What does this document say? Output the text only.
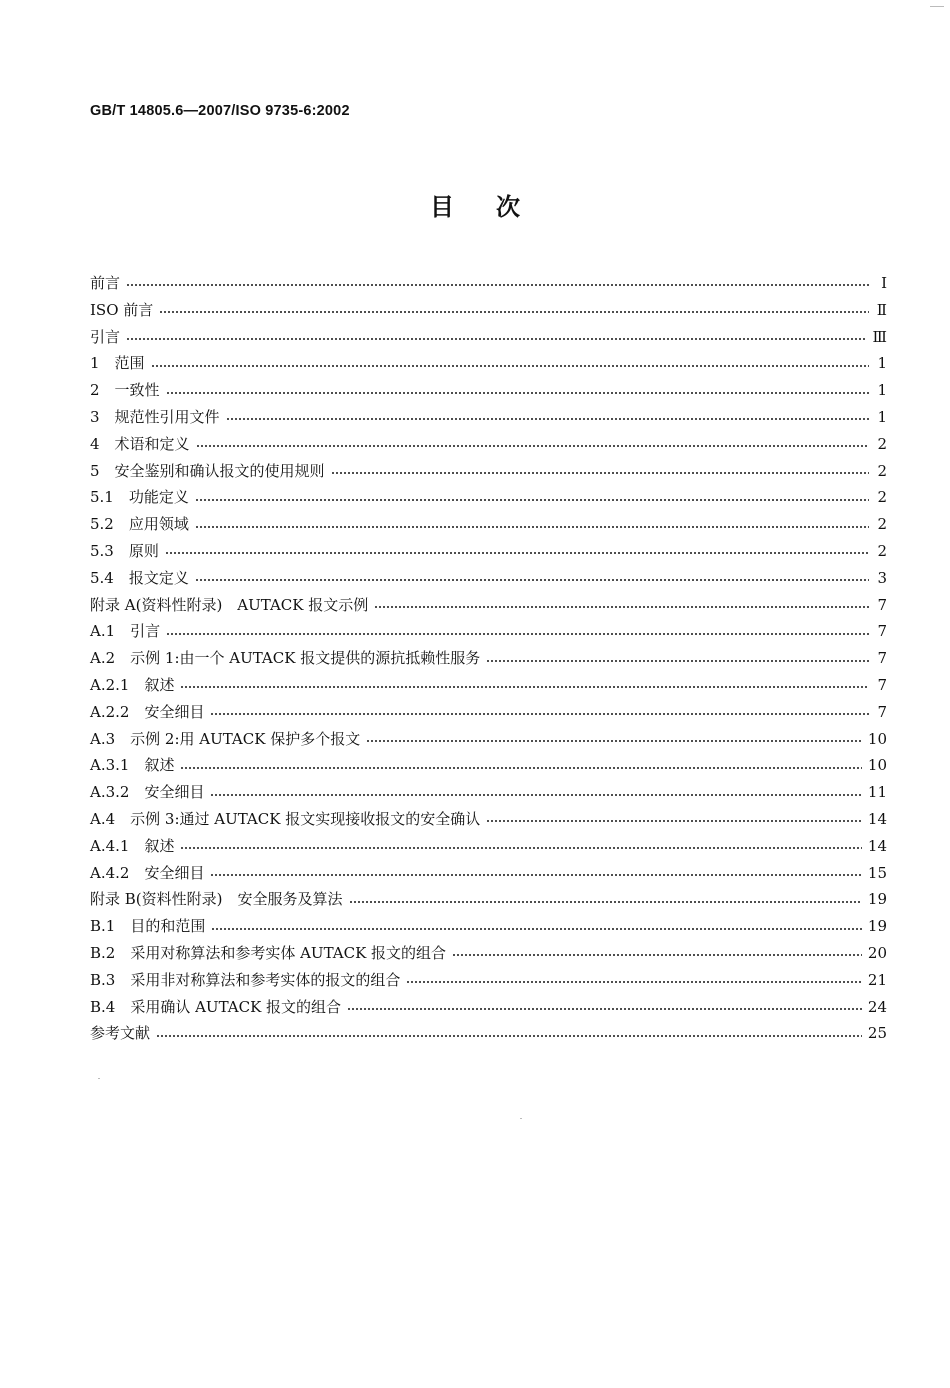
GB/T 14805.6—2007/ISO 9735-6:2002
目次
前言	I
ISO 前言	Ⅱ
引言	Ⅲ
1　范围	1
2　一致性	1
3　规范性引用文件	1
4　术语和定义	2
5　安全鉴别和确认报文的使用规则	2
5.1　功能定义	2
5.2　应用领域	2
5.3　原则	2
5.4　报文定义	3
附录 A(资料性附录)　AUTACK 报文示例	7
A.1　引言	7
A.2　示例 1:由一个 AUTACK 报文提供的源抗抵赖性服务	7
A.2.1　叙述	7
A.2.2　安全细目	7
A.3　示例 2:用 AUTACK 保护多个报文	10
A.3.1　叙述	10
A.3.2　安全细目	11
A.4　示例 3:通过 AUTACK 报文实现接收报文的安全确认	14
A.4.1　叙述	14
A.4.2　安全细目	15
附录 B(资料性附录)　安全服务及算法	19
B.1　目的和范围	19
B.2　采用对称算法和参考实体 AUTACK 报文的组合	20
B.3　采用非对称算法和参考实体的报文的组合	21
B.4　采用确认 AUTACK 报文的组合	24
参考文献	25
